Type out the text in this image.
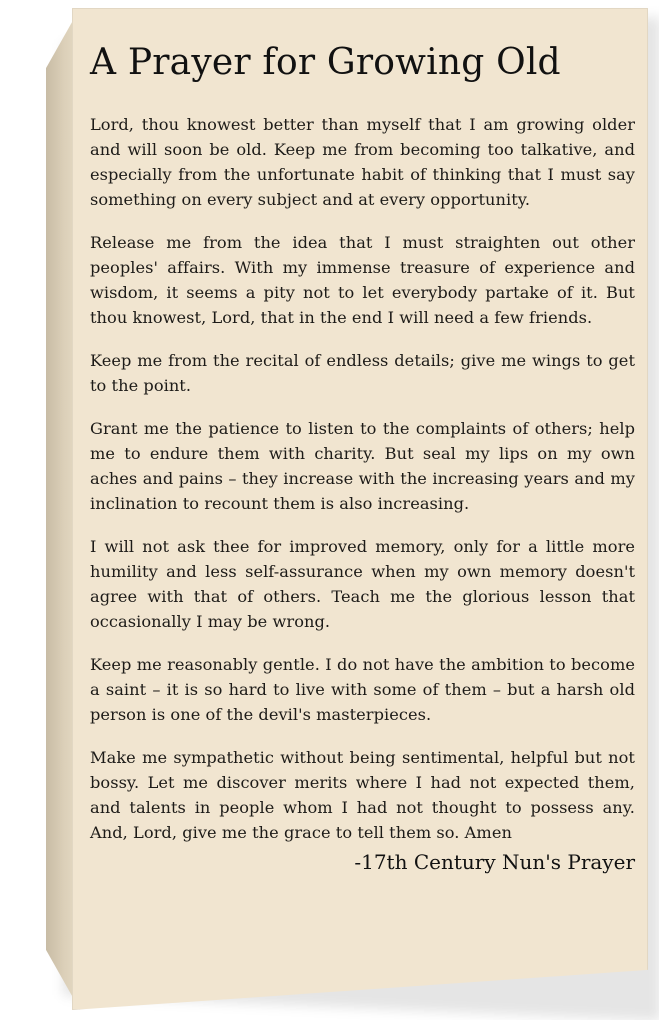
A Prayer for Growing Old

Lord, thou knowest better than myself that I am growing older and will soon be old. Keep me from becoming too talkative, and especially from the unfortunate habit of thinking that I must say something on every subject and at every opportunity.

Release me from the idea that I must straighten out other peoples' affairs. With my immense treasure of experience and wisdom, it seems a pity not to let everybody partake of it. But thou knowest, Lord, that in the end I will need a few friends.

Keep me from the recital of endless details; give me wings to get to the point.

Grant me the patience to listen to the complaints of others; help me to endure them with charity. But seal my lips on my own aches and pains – they increase with the increasing years and my inclination to recount them is also increasing.

I will not ask thee for improved memory, only for a little more humility and less self-assurance when my own memory doesn't agree with that of others. Teach me the glorious lesson that occasionally I may be wrong.

Keep me reasonably gentle. I do not have the ambition to become a saint – it is so hard to live with some of them – but a harsh old person is one of the devil's masterpieces.

Make me sympathetic without being sentimental, helpful but not bossy. Let me discover merits where I had not expected them, and talents in people whom I had not thought to possess any. And, Lord, give me the grace to tell them so. Amen

-17th Century Nun's Prayer
